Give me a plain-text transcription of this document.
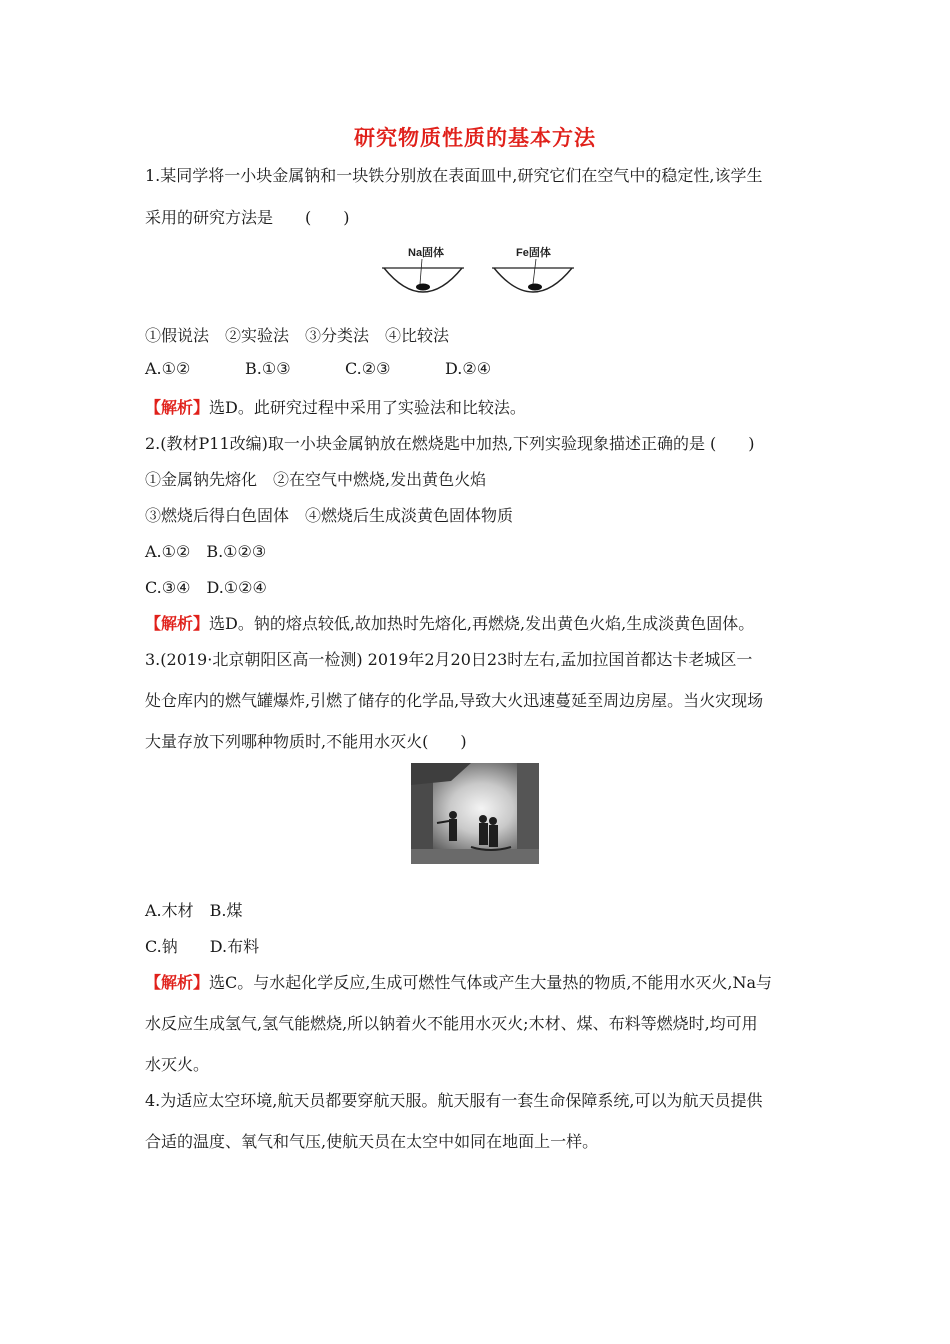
研究物质性质的基本方法
1.某同学将一小块金属钠和一块铁分别放在表面皿中,研究它们在空气中的稳定性,该学生
采用的研究方法是　　(　　)
Na固体	Fe固体
①假说法　②实验法　③分类法　④比较法
A.①②	B.①③	C.②③	D.②④
【解析】选D。此研究过程中采用了实验法和比较法。
2.(教材P11改编)取一小块金属钠放在燃烧匙中加热,下列实验现象描述正确的是 (　　)
①金属钠先熔化　②在空气中燃烧,发出黄色火焰
③燃烧后得白色固体　④燃烧后生成淡黄色固体物质
A.①②　B.①②③
C.③④　D.①②④
【解析】选D。钠的熔点较低,故加热时先熔化,再燃烧,发出黄色火焰,生成淡黄色固体。
3.(2019·北京朝阳区高一检测) 2019年2月20日23时左右,孟加拉国首都达卡老城区一
处仓库内的燃气罐爆炸,引燃了储存的化学品,导致大火迅速蔓延至周边房屋。当火灾现场
大量存放下列哪种物质时,不能用水灭火(　　)
A.木材　B.煤
C.钠　　D.布料
【解析】选C。与水起化学反应,生成可燃性气体或产生大量热的物质,不能用水灭火,Na与
水反应生成氢气,氢气能燃烧,所以钠着火不能用水灭火;木材、煤、布料等燃烧时,均可用
水灭火。
4.为适应太空环境,航天员都要穿航天服。航天服有一套生命保障系统,可以为航天员提供
合适的温度、氧气和气压,使航天员在太空中如同在地面上一样。
